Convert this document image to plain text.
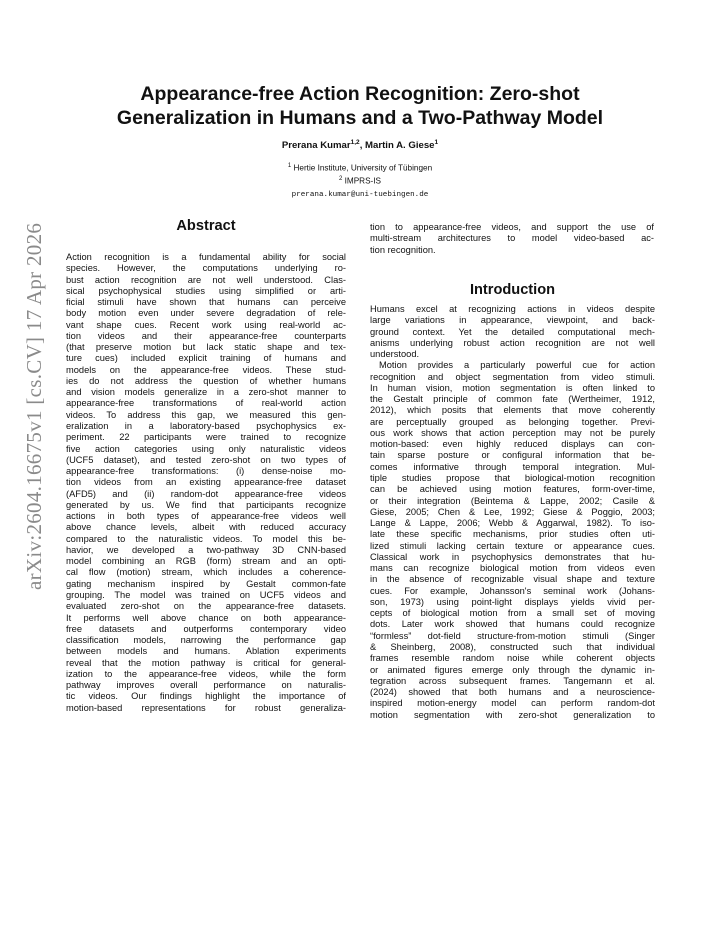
arXiv:2604.16675v1 [cs.CV] 17 Apr 2026
Appearance-free Action Recognition: Zero-shot
Generalization in Humans and a Two-Pathway Model
Prerana Kumar$^{1,2}$, Martin A. Giese$^1$
$^1$ Hertie Institute, University of Tübingen
$^2$ IMPRS-IS
prerana.kumar@uni-tuebingen.de
Abstract
Action recognition is a fundamental ability for social
species. However, the computations underlying ro-
bust action recognition are not well understood. Clas-
sical psychophysical studies using simplified or arti-
ficial stimuli have shown that humans can perceive
body motion even under severe degradation of rele-
vant shape cues. Recent work using real-world ac-
tion videos and their appearance-free counterparts
(that preserve motion but lack static shape and tex-
ture cues) included explicit training of humans and
models on the appearance-free videos. These stud-
ies do not address the question of whether humans
and vision models generalize in a zero-shot manner to
appearance-free transformations of real-world action
videos. To address this gap, we measured this gen-
eralization in a laboratory-based psychophysics ex-
periment. 22 participants were trained to recognize
five action categories using only naturalistic videos
(UCF5 dataset), and tested zero-shot on two types of
appearance-free transformations: (i) dense-noise mo-
tion videos from an existing appearance-free dataset
(AFD5) and (ii) random-dot appearance-free videos
generated by us. We find that participants recognize
actions in both types of appearance-free videos well
above chance levels, albeit with reduced accuracy
compared to the naturalistic videos. To model this be-
havior, we developed a two-pathway 3D CNN-based
model combining an RGB (form) stream and an opti-
cal flow (motion) stream, which includes a coherence-
gating mechanism inspired by Gestalt common-fate
grouping. The model was trained on UCF5 videos and
evaluated zero-shot on the appearance-free datasets.
It performs well above chance on both appearance-
free datasets and outperforms contemporary video
classification models, narrowing the performance gap
between models and humans. Ablation experiments
reveal that the motion pathway is critical for general-
ization to the appearance-free videos, while the form
pathway improves overall performance on naturalis-
tic videos. Our findings highlight the importance of
motion-based representations for robust generaliza-
tion to appearance-free videos, and support the use of
multi-stream architectures to model video-based ac-
tion recognition.
Introduction
Humans excel at recognizing actions in videos despite
large variations in appearance, viewpoint, and back-
ground context. Yet the detailed computational mech-
anisms underlying robust action recognition are not well
understood.
Motion provides a particularly powerful cue for action
recognition and object segmentation from video stimuli.
In human vision, motion segmentation is often linked to
the Gestalt principle of common fate (Wertheimer, 1912,
2012), which posits that elements that move coherently
are perceptually grouped as belonging together. Previ-
ous work shows that action perception may not be purely
motion-based: even highly reduced displays can con-
tain sparse posture or configural information that be-
comes informative through temporal integration. Mul-
tiple studies propose that biological-motion recognition
can be achieved using motion features, form-over-time,
or their integration (Beintema & Lappe, 2002; Casile &
Giese, 2005; Chen & Lee, 1992; Giese & Poggio, 2003;
Lange & Lappe, 2006; Webb & Aggarwal, 1982). To iso-
late these specific mechanisms, prior studies often uti-
lized stimuli lacking certain texture or appearance cues.
Classical work in psychophysics demonstrates that hu-
mans can recognize biological motion from videos even
in the absence of recognizable visual shape and texture
cues. For example, Johansson's seminal work (Johans-
son, 1973) using point-light displays yields vivid per-
cepts of biological motion from a small set of moving
dots. Later work showed that humans could recognize
“formless” dot-field structure-from-motion stimuli (Singer
& Sheinberg, 2008), constructed such that individual
frames resemble random noise while coherent objects
or animated figures emerge only through the dynamic in-
tegration across subsequent frames. Tangemann et al.
(2024) showed that both humans and a neuroscience-
inspired motion-energy model can perform random-dot
motion segmentation with zero-shot generalization to
